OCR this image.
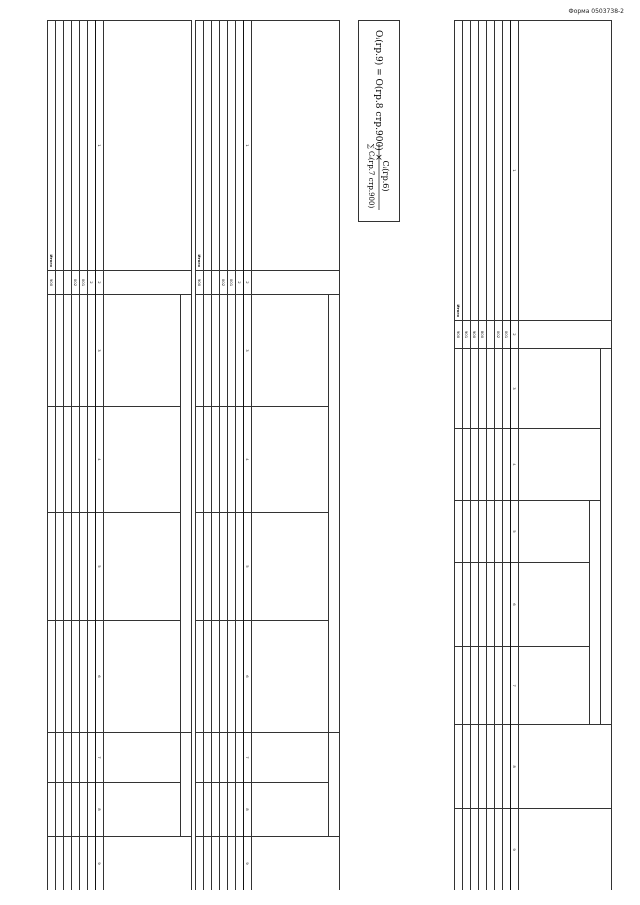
Форма 0503738-2

1	2	3	4	5	6	7	8	9
	001							
	002							

	800							
	900							
	901							
Итого	900							
Oᵢ(гр.9) = O(гр.8 стр.900) ×
Cᵢ(гр.6)
∑ Cᵢ(гр.7 стр.900)

1	2	3	4	5	6	7	8	9
	2							
	001							
	002							

Итого	900							

1	2	3	4	5	6	7	8	9
	2							
	001							
	002							

Итого	900							
